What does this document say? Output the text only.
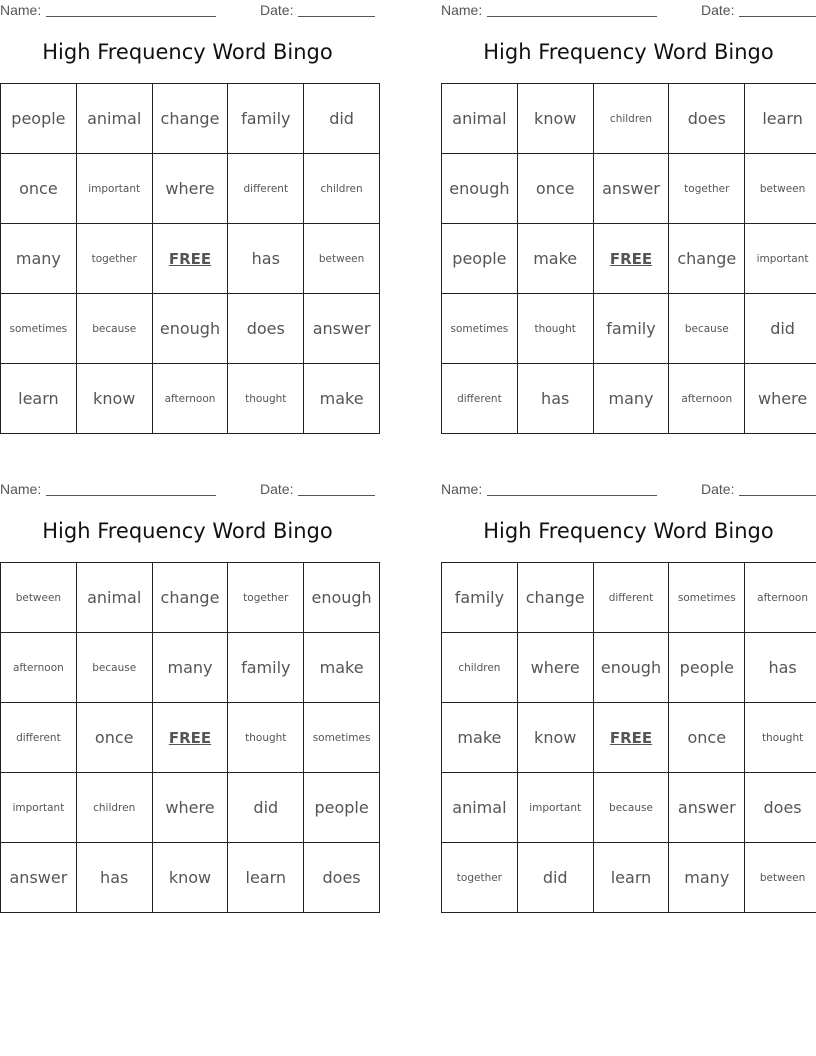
Name:	Date:
High Frequency Word Bingo
people	animal	change	family	did
once	important	where	different	children
many	together	FREE	has	between
sometimes	because	enough	does	answer
learn	know	afternoon	thought	make
Name:	Date:
High Frequency Word Bingo
animal	know	children	does	learn
enough	once	answer	together	between
people	make	FREE	change	important
sometimes	thought	family	because	did
different	has	many	afternoon	where
Name:	Date:
High Frequency Word Bingo
between	animal	change	together	enough
afternoon	because	many	family	make
different	once	FREE	thought	sometimes
important	children	where	did	people
answer	has	know	learn	does
Name:	Date:
High Frequency Word Bingo
family	change	different	sometimes	afternoon
children	where	enough	people	has
make	know	FREE	once	thought
animal	important	because	answer	does
together	did	learn	many	between
